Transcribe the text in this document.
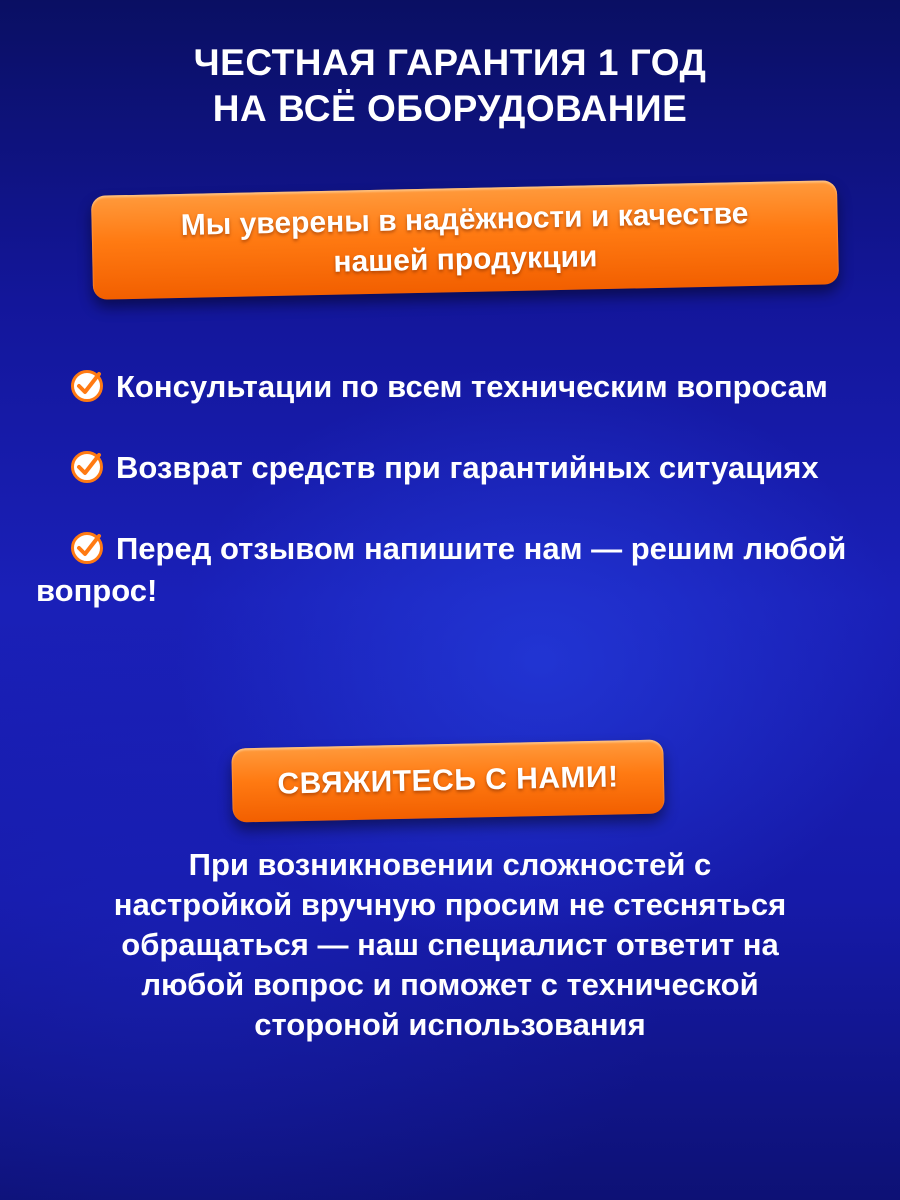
ЧЕСТНАЯ ГАРАНТИЯ 1 ГОД
НА ВСЁ ОБОРУДОВАНИЕ
Мы уверены в надёжности и качестве
нашей продукции
Консультации по всем техническим вопросам
Возврат средств при гарантийных ситуациях
Перед отзывом напишите нам — решим любой вопрос!
СВЯЖИТЕСЬ С НАМИ!

При возникновении сложностей с
настройкой вручную просим не стесняться
обращаться — наш специалист ответит на
любой вопрос и поможет с технической
стороной использования
